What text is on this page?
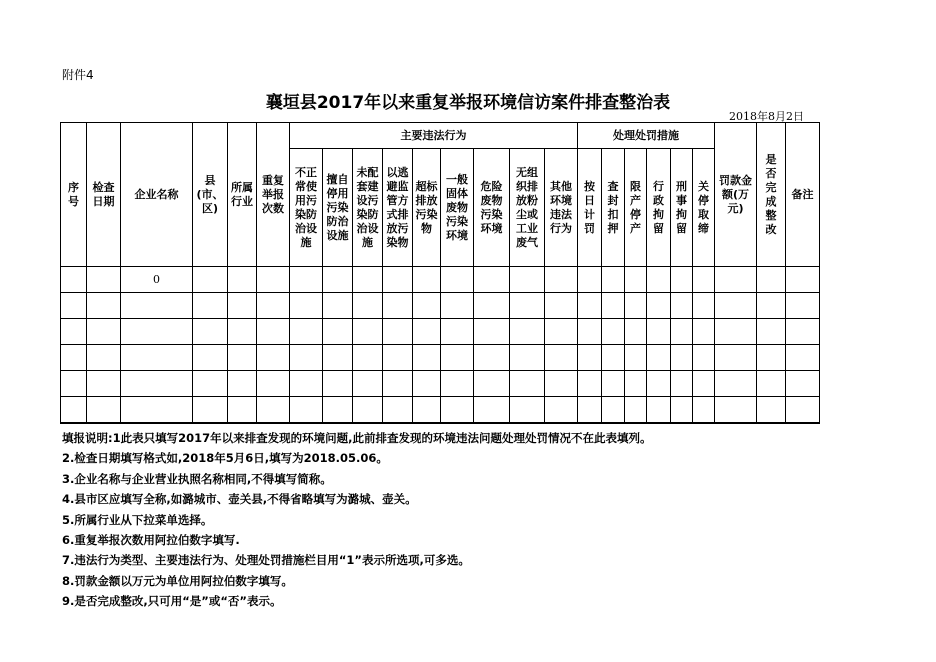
附件4
襄垣县2017年以来重复举报环境信访案件排查整治表
2018年8月2日
序号	检查日期	企业名称	县(市、区)	所属行业	重复举报次数	主要违法行为									处理处罚措施						罚款金额(万元)	是否完成整改	备注
						不正常使用污染防治设施	擅自停用污染防治设施	未配套建设污染防治设施	以逃避监管方式排放污染物	超标排放污染物	一般固体废物污染环境	危险废物污染环境	无组织排放粉尘或工业废气	其他环境违法行为	按日计罚	查封扣押	限产停产	行政拘留	刑事拘留	关停取缔			
		0																					

填报说明:1此表只填写2017年以来排查发现的环境问题,此前排查发现的环境违法问题处理处罚情况不在此表填列。
2.检查日期填写格式如,2018年5月6日,填写为2018.05.06。
3.企业名称与企业营业执照名称相同,不得填写简称。
4.县市区应填写全称,如潞城市、壶关县,不得省略填写为潞城、壶关。
5.所属行业从下拉菜单选择。
6.重复举报次数用阿拉伯数字填写.
7.违法行为类型、主要违法行为、处理处罚措施栏目用“1”表示所选项,可多选。
8.罚款金额以万元为单位用阿拉伯数字填写。
9.是否完成整改,只可用“是”或“否”表示。
